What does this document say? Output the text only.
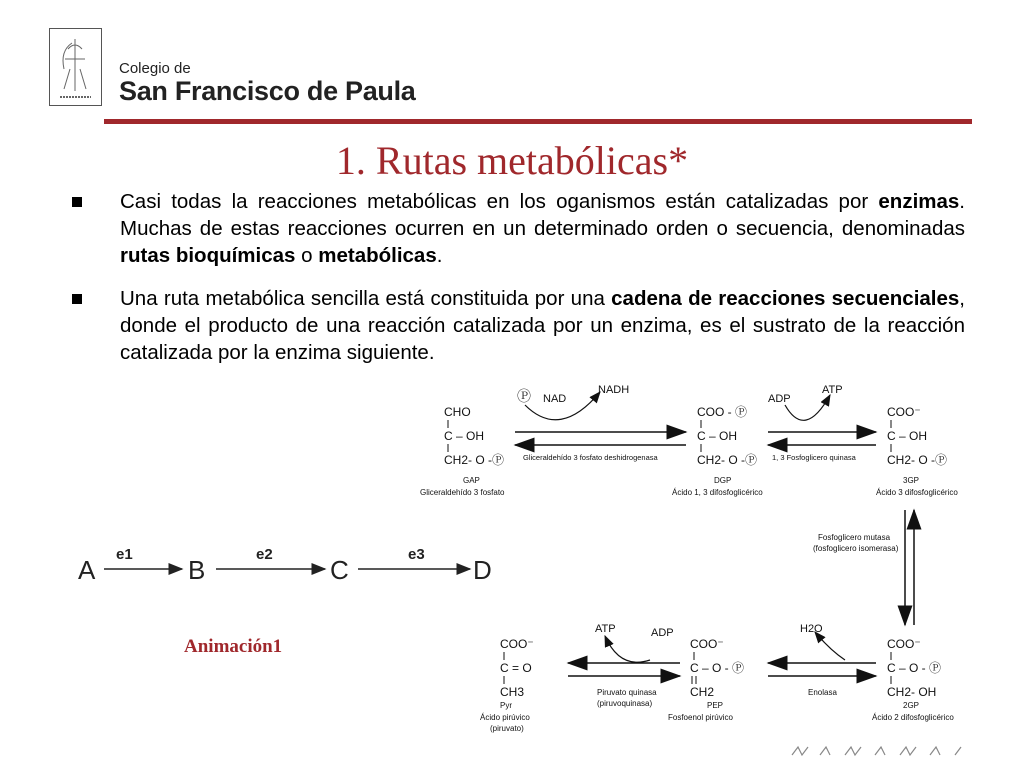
Colegio de
San Francisco de Paula
1. Rutas metabólicas*
Casi todas la reacciones metabólicas en los oganismos están catalizadas por enzimas. Muchas de estas reacciones ocurren en un determinado orden o secuencia, denominadas rutas bioquímicas o metabólicas.
Una ruta metabólica sencilla está constituida por una cadena de reacciones secuenciales, donde el producto de una reacción catalizada por un enzima, es el sustrato de la reacción catalizada por la enzima siguiente.
A
e1
B
e2
C
e3
D
Animación1
CHO
C – OH
CH2- O -Ⓟ
GAP
Gliceraldehído 3 fosfato
Ⓟ NAD
NADH
Gliceraldehído 3 fosfato deshidrogenasa
COO - Ⓟ
C – OH
CH2- O -Ⓟ
DGP
Ácido 1, 3 difosfoglicérico
ADP
ATP
1, 3 Fosfoglicero quinasa
COO⁻
C – OH
CH2- O -Ⓟ
3GP
Ácido 3 difosfoglicérico
Fosfoglicero mutasa
(fosfoglicero isomerasa)
COO⁻
C – O - Ⓟ
CH2- OH
2GP
Ácido 2 difosfoglicérico
H2O
Enolasa
COO⁻
C – O - Ⓟ
CH2
PEP
Fosfoenol pirúvico
ATP	ADP
Piruvato quinasa
(piruvoquinasa)
COO⁻
C = O
CH3
Pyr
Ácido pirúvico
(piruvato)
